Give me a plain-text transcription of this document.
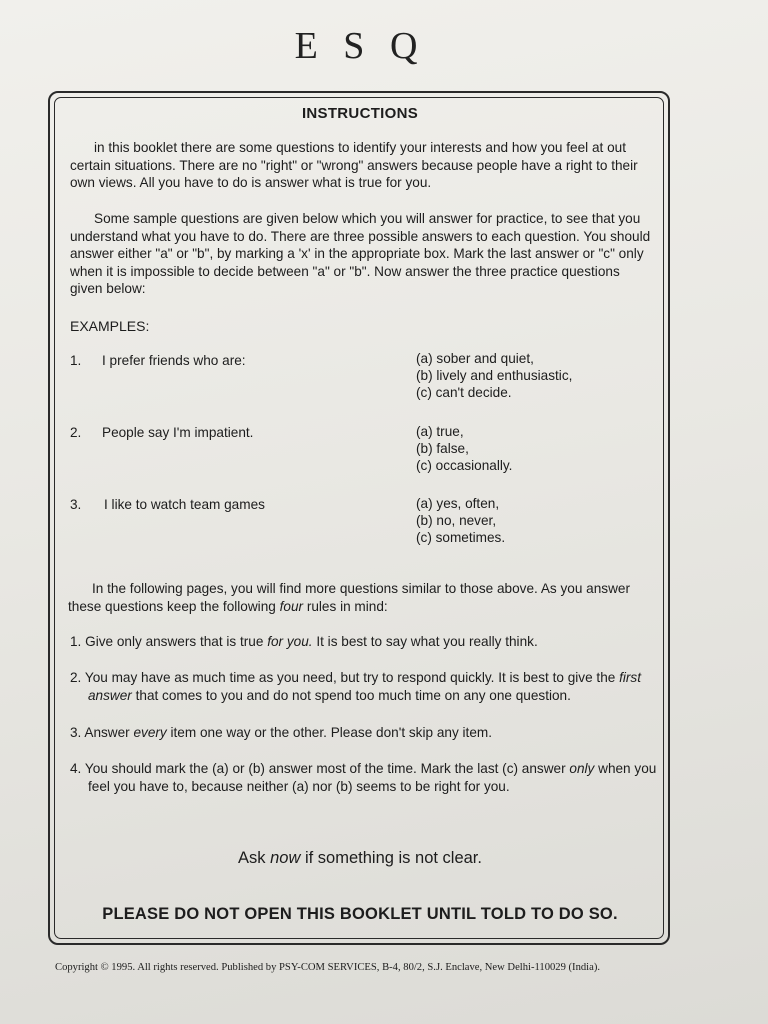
E S Q
INSTRUCTIONS
in this booklet there are some questions to identify your interests and how you feel at out certain situations. There are no "right" or "wrong" answers because people have a right to their own views. All you have to do is answer what is true for you.
Some sample questions are given below which you will answer for practice, to see that you understand what you have to do. There are three possible answers to each question. You should answer either "a" or "b", by marking a 'x' in the appropriate box. Mark the last answer or "c" only when it is impossible to decide between "a" or "b". Now answer the three practice questions given below:
EXAMPLES:
1. I prefer friends who are:	(a) sober and quiet,
(b) lively and enthusiastic,
(c) can't decide.
2. People say I'm impatient.	(a) true,
(b) false,
(c) occasionally.
3. I like to watch team games	(a) yes, often,
(b) no, never,
(c) sometimes.
In the following pages, you will find more questions similar to those above. As you answer these questions keep the following four rules in mind:
1. Give only answers that is true for you. It is best to say what you really think.
2. You may have as much time as you need, but try to respond quickly. It is best to give the first answer that comes to you and do not spend too much time on any one question.
3. Answer every item one way or the other. Please don't skip any item.
4. You should mark the (a) or (b) answer most of the time. Mark the last (c) answer only when you feel you have to, because neither (a) nor (b) seems to be right for you.
Ask now if something is not clear.
PLEASE DO NOT OPEN THIS BOOKLET UNTIL TOLD TO DO SO.
Copyright © 1995. All rights reserved. Published by PSY-COM SERVICES, B-4, 80/2, S.J. Enclave, New Delhi-110029 (India).
